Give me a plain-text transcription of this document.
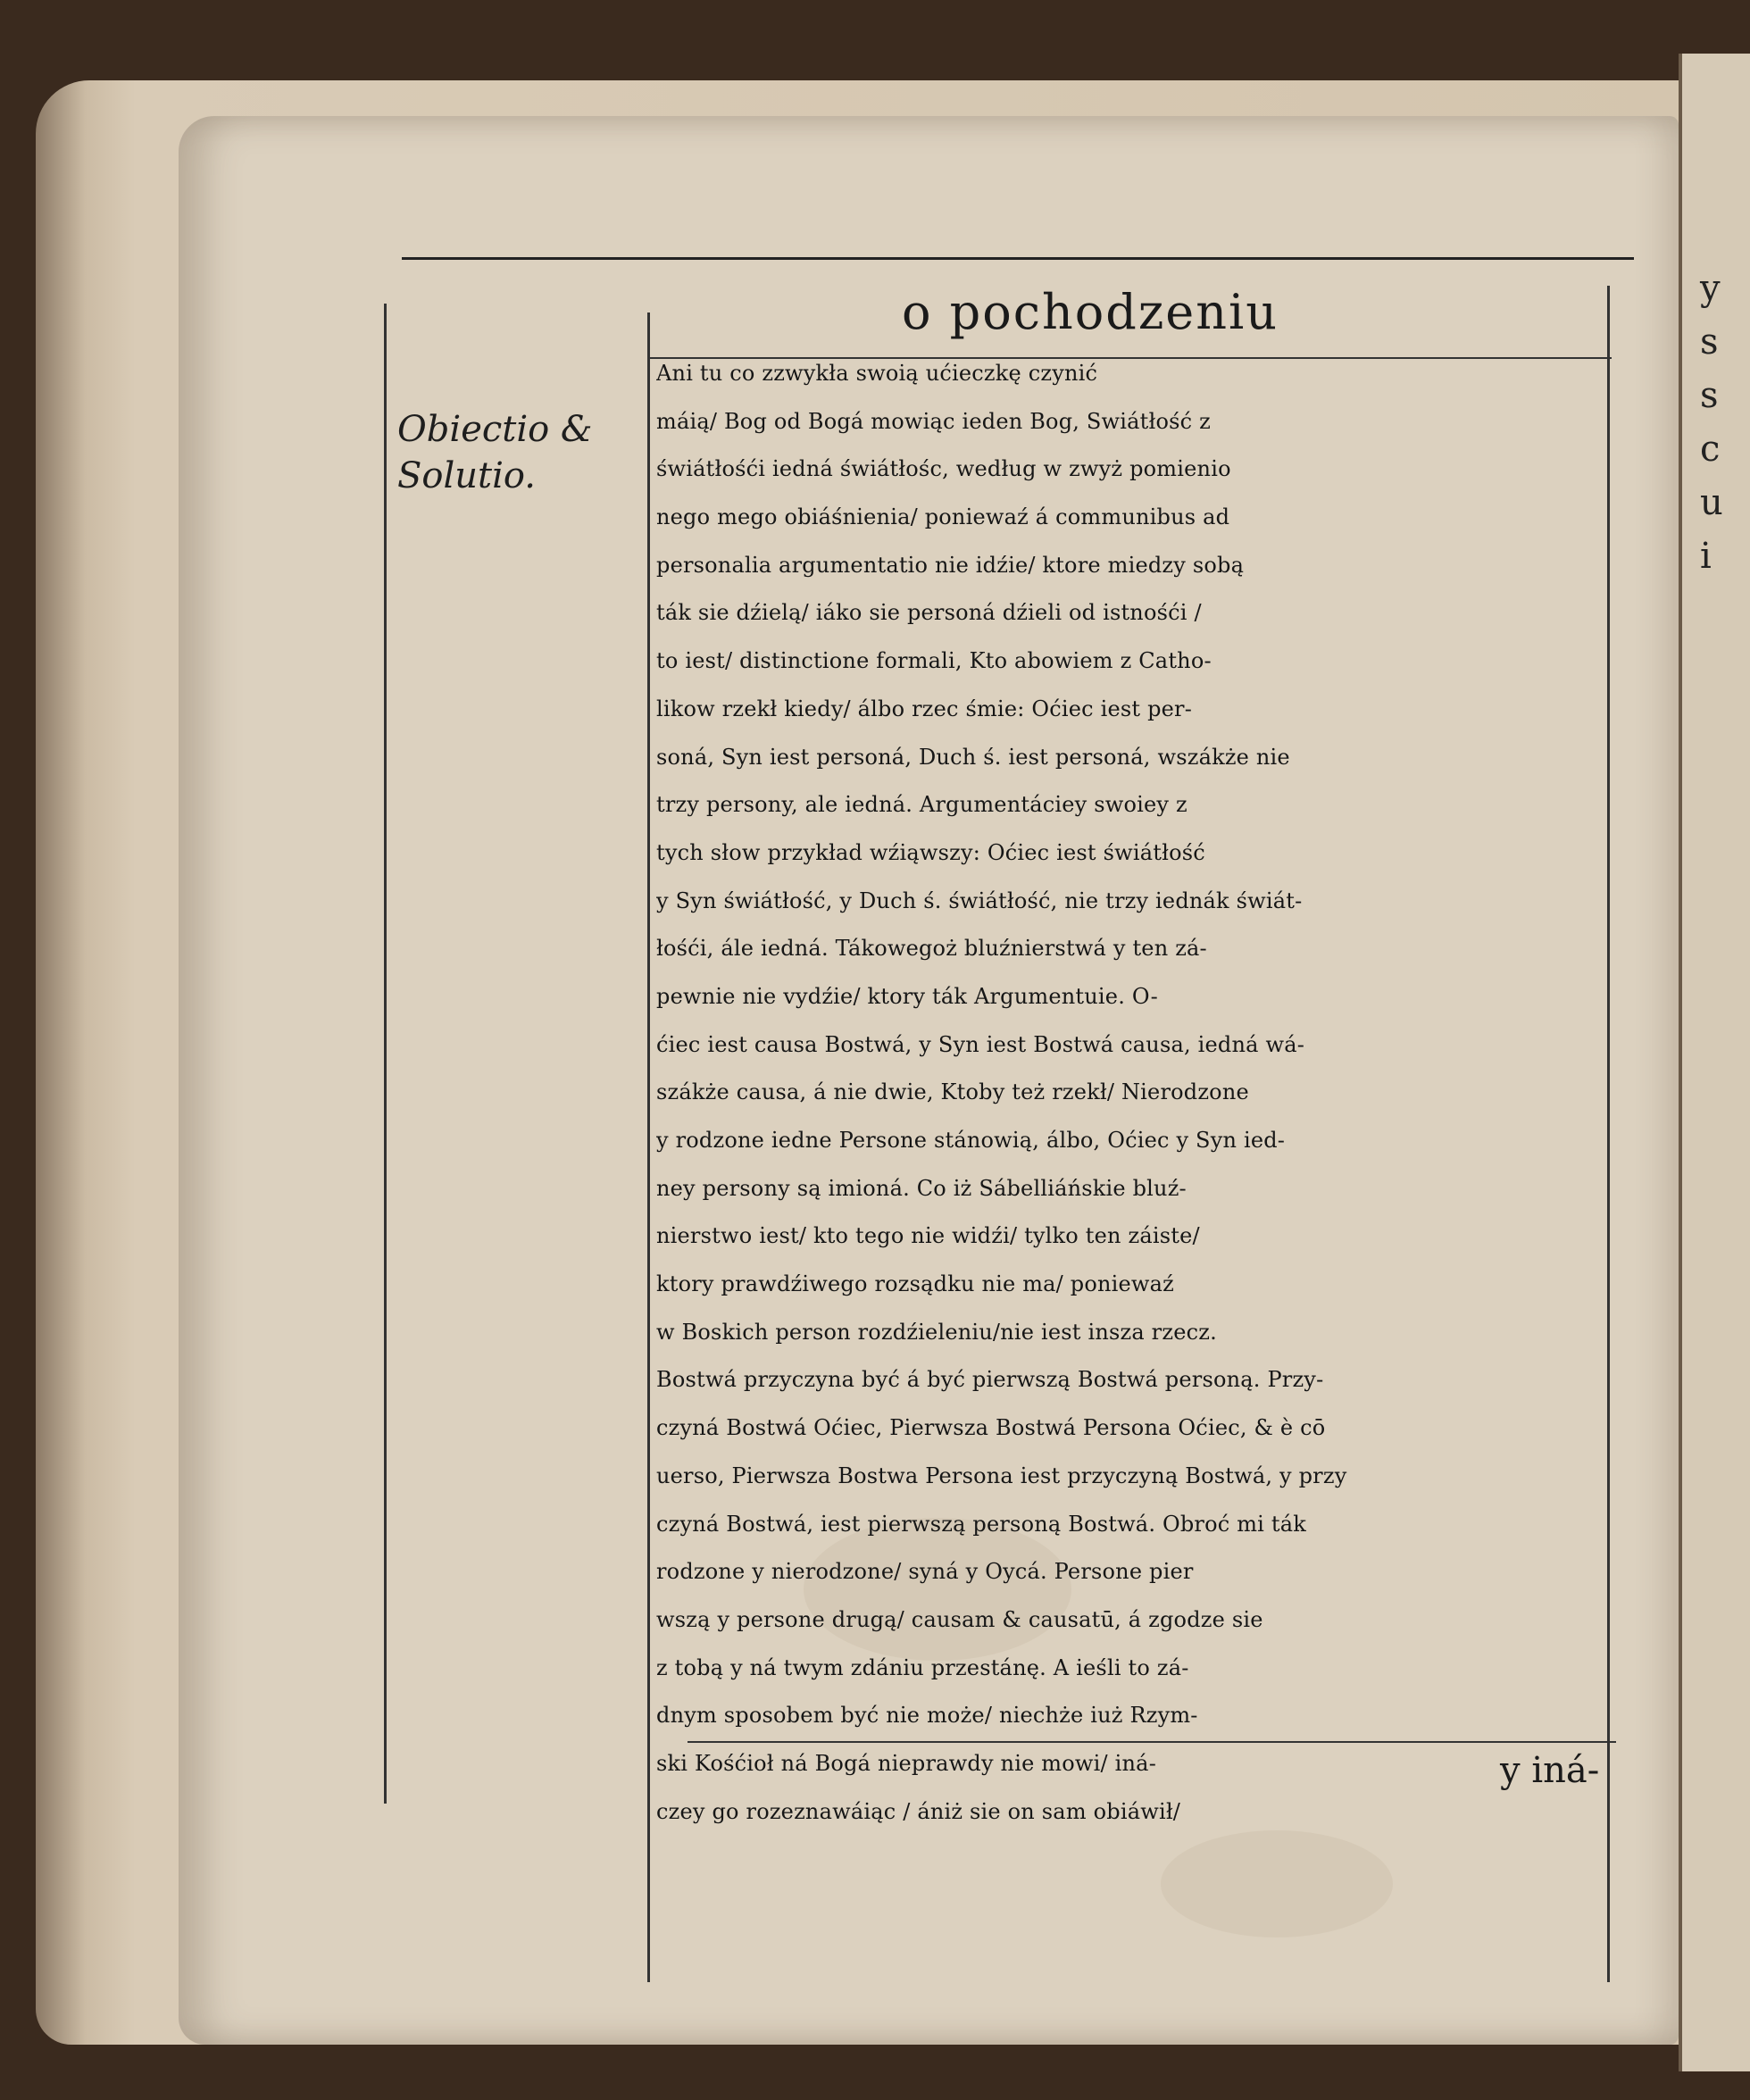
y
s
s
c
u
i
o pochodzeniu
Obiectio &
Solutio.
Ani tu co zzwykła swoią ućieczkę czynić
máią/ Bog od Bogá mowiąc ieden Bog, Swiátłość z
świátłośći iedná świátłośc, według w zwyż pomienio
nego mego obiáśnienia/ poniewaź á communibus ad
personalia argumentatio nie idźie/ ktore miedzy sobą
ták sie dźielą/ iáko sie personá dźieli od istnośći /
to iest/ distinctione formali, Kto abowiem z Catho-
likow rzekł kiedy/ álbo rzec śmie: Oćiec iest per-
soná, Syn iest personá, Duch ś. iest personá, wszákże nie
trzy persony, ale iedná. Argumentáciey swoiey z
tych słow przykład wźiąwszy: Oćiec iest świátłość
y Syn świátłość, y Duch ś. świátłość, nie trzy iednák świát-
łośći, ále iedná. Tákowegoż bluźnierstwá y ten zá-
pewnie nie vydźie/ ktory ták Argumentuie. O-
ćiec iest causa Bostwá, y Syn iest Bostwá causa, iedná wá-
szákże causa, á nie dwie, Ktoby też rzekł/ Nierodzone
y rodzone iedne Persone stánowią, álbo, Oćiec y Syn ied-
ney persony są imioná. Co iż Sábelliáńskie bluź-
nierstwo iest/ kto tego nie widźi/ tylko ten záiste/
ktory prawdźiwego rozsądku nie ma/ poniewaź
w Boskich person rozdźieleniu/nie iest insza rzecz.
Bostwá przyczyna być á być pierwszą Bostwá personą. Przy-
czyná Bostwá Oćiec, Pierwsza Bostwá Persona Oćiec, & è cō
uerso, Pierwsza Bostwa Persona iest przyczyną Bostwá, y przy
czyná Bostwá, iest pierwszą personą Bostwá. Obroć mi ták
rodzone y nierodzone/ syná y Oycá. Persone pier
wszą y persone drugą/ causam & causatū, á zgodze sie
z tobą y ná twym zdániu przestánę. A ieśli to zá-
dnym sposobem być nie może/ niechże iuż Rzym-
ski Kośćioł ná Bogá nieprawdy nie mowi/ iná-
czey go rozeznawáiąc / ániż sie on sam obiáwił/
y iná-
